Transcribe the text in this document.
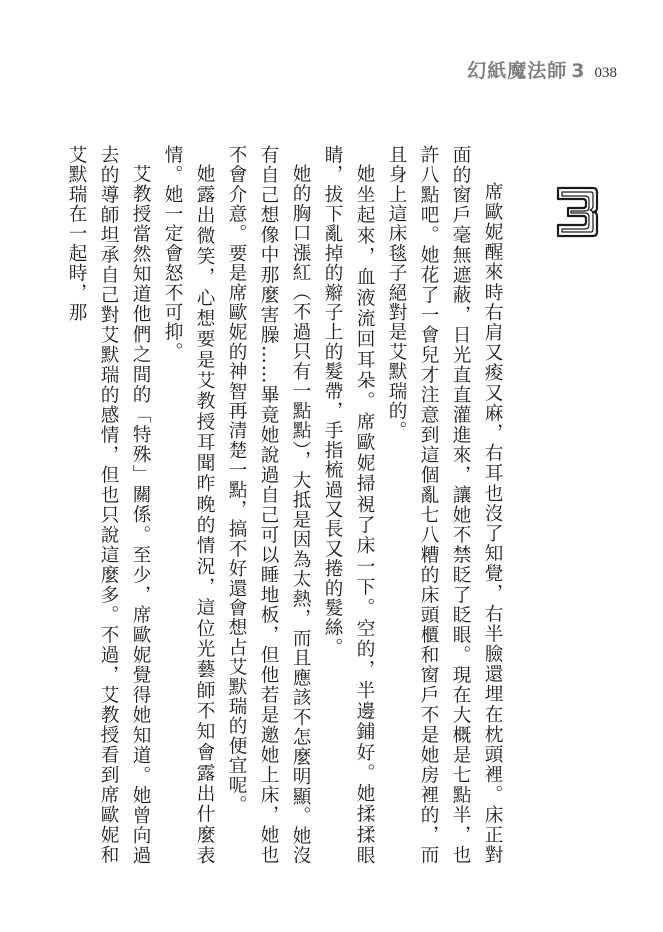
幻紙魔法師 3 038

席歐妮醒來時右肩又痠又麻，右耳也沒了知覺，右半臉還埋在枕頭裡。床正對面的窗戶毫無遮蔽，日光直直灌進來，讓她不禁眨了眨眼。現在大概是七點半，也許八點吧。她花了一會兒才注意到這個亂七八糟的床頭櫃和窗戶不是她房裡的，而且身上這床毯子絕對是艾默瑞的。

她坐起來，血液流回耳朵。席歐妮掃視了床一下。空的，半邊鋪好。她揉揉眼睛，拔下亂掉的辮子上的髮帶，手指梳過又長又捲的髮絲。

她的胸口漲紅（不過只有一點點），大抵是因為太熱，而且應該不怎麼明顯。她沒有自己想像中那麼害臊……畢竟她說過自己可以睡地板，但他若是邀她上床，她也不會介意。要是席歐妮的神智再清楚一點，搞不好還會想占艾默瑞的便宜呢。

她露出微笑，心想要是艾教授耳聞昨晚的情況，這位光藝師不知會露出什麼表情。她一定會怒不可抑。

艾教授當然知道他們之間的「特殊」關係。至少，席歐妮覺得她知道。她曾向過去的導師坦承自己對艾默瑞的感情，但也只說這麼多。不過，艾教授看到席歐妮和艾默瑞在一起時，那
